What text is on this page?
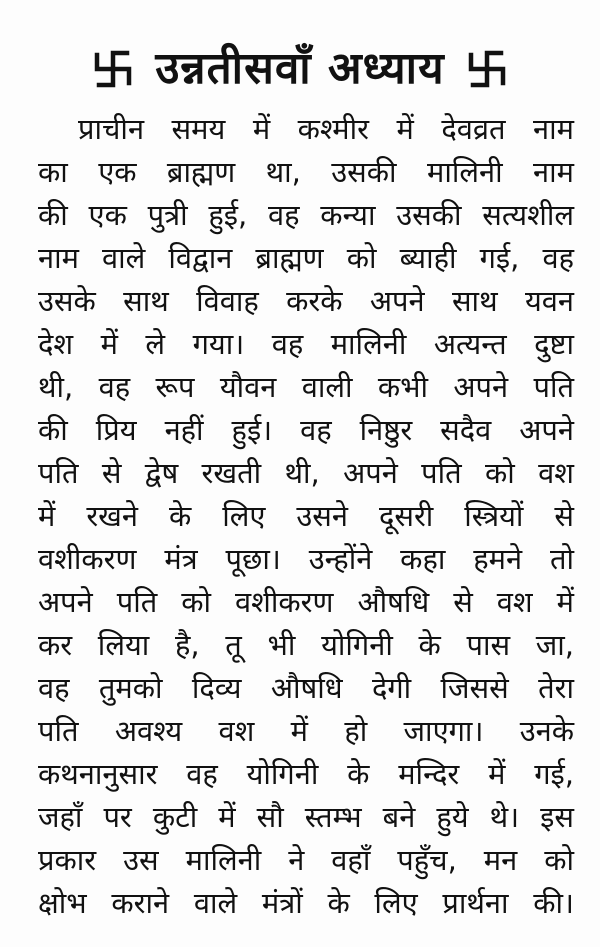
उन्नतीसवाँ अध्याय
प्राचीन समय में कश्मीर में देवव्रत नाम
का एक ब्राह्मण था, उसकी मालिनी नाम
की एक पुत्री हुई, वह कन्या उसकी सत्यशील
नाम वाले विद्वान ब्राह्मण को ब्याही गई, वह
उसके साथ विवाह करके अपने साथ यवन
देश में ले गया। वह मालिनी अत्यन्त दुष्टा
थी, वह रूप यौवन वाली कभी अपने पति
की प्रिय नहीं हुई। वह निष्ठुर सदैव अपने
पति से द्वेष रखती थी, अपने पति को वश
में रखने के लिए उसने दूसरी स्त्रियों से
वशीकरण मंत्र पूछा। उन्होंने कहा हमने तो
अपने पति को वशीकरण औषधि से वश में
कर लिया है, तू भी योगिनी के पास जा,
वह तुमको दिव्य औषधि देगी जिससे तेरा
पति अवश्य वश में हो जाएगा। उनके
कथनानुसार वह योगिनी के मन्दिर में गई,
जहाँ पर कुटी में सौ स्तम्भ बने हुये थे। इस
प्रकार उस मालिनी ने वहाँ पहुँच, मन को
क्षोभ कराने वाले मंत्रों के लिए प्रार्थना की।
